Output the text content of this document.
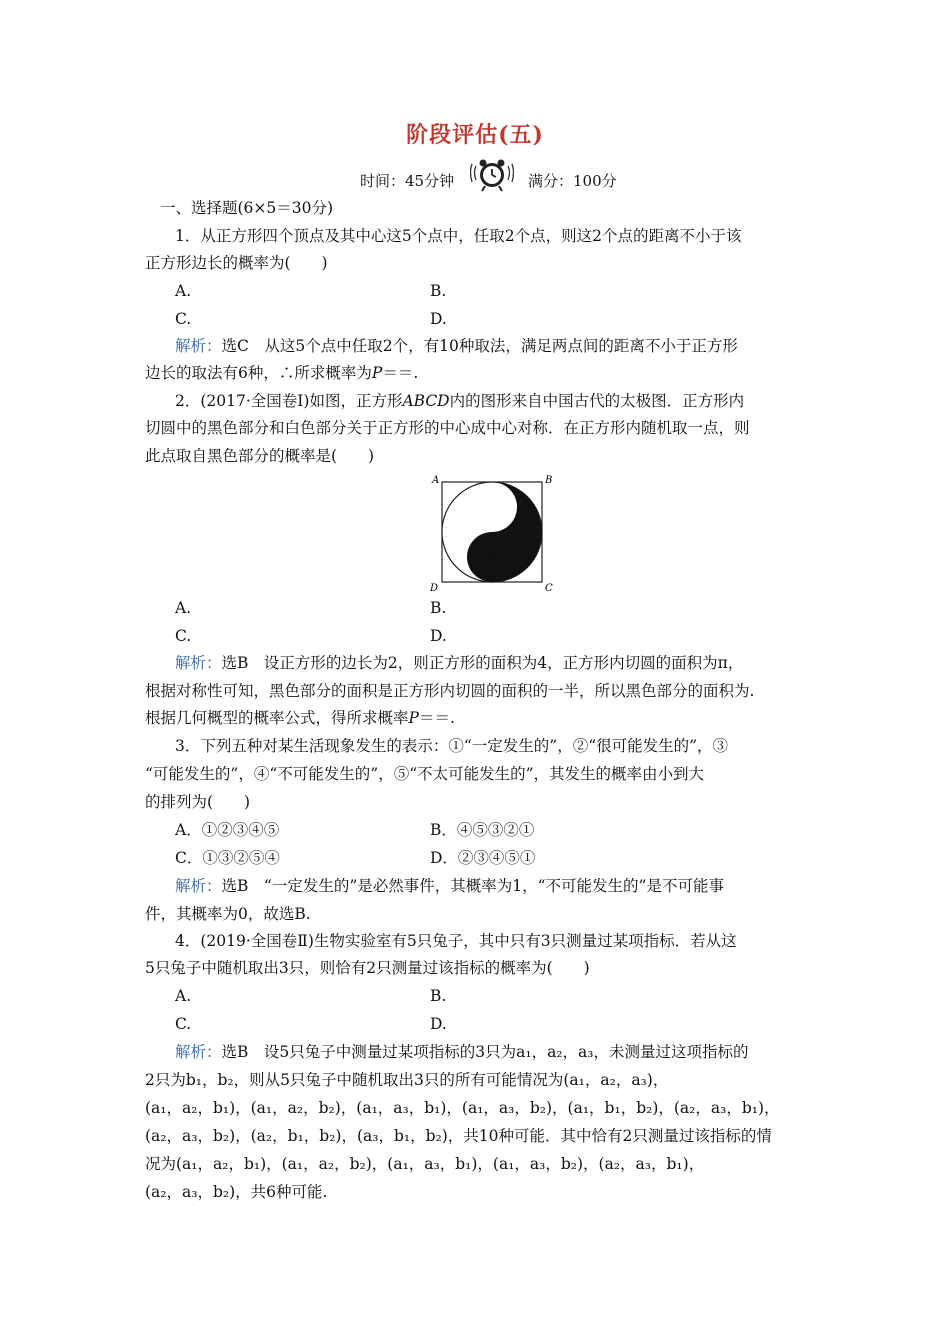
阶段评估(五)
时间：45分钟	满分：100分
一、选择题(6×5＝30分)
1．从正方形四个顶点及其中心这5个点中，任取2个点，则这2个点的距离不小于该
正方形边长的概率为(　　)
A.	B.
C.	D.
解析：选C　从这5个点中任取2个，有10种取法，满足两点间的距离不小于正方形
边长的取法有6种，∴所求概率为P＝＝.
2．(2017·全国卷Ⅰ)如图，正方形ABCD内的图形来自中国古代的太极图．正方形内
切圆中的黑色部分和白色部分关于正方形的中心成中心对称．在正方形内随机取一点，则
此点取自黑色部分的概率是(　　)
A	B
D	C
A.	B.
C.	D.
解析：选B　设正方形的边长为2，则正方形的面积为4，正方形内切圆的面积为π，
根据对称性可知，黑色部分的面积是正方形内切圆的面积的一半，所以黑色部分的面积为.
根据几何概型的概率公式，得所求概率P＝＝.
3．下列五种对某生活现象发生的表示：①“一定发生的”，②“很可能发生的”，③
“可能发生的”，④“不可能发生的”，⑤“不太可能发生的”，其发生的概率由小到大
的排列为(　　)
A．①②③④⑤	B．④⑤③②①
C．①③②⑤④	D．②③④⑤①
解析：选B　“一定发生的”是必然事件，其概率为1，“不可能发生的”是不可能事
件，其概率为0，故选B.
4．(2019·全国卷Ⅱ)生物实验室有5只兔子，其中只有3只测量过某项指标．若从这
5只兔子中随机取出3只，则恰有2只测量过该指标的概率为(　　)
A.	B.
C.	D.
解析：选B　设5只兔子中测量过某项指标的3只为a₁，a₂，a₃，未测量过这项指标的
2只为b₁，b₂，则从5只兔子中随机取出3只的所有可能情况为(a₁，a₂，a₃)，
(a₁，a₂，b₁)，(a₁，a₂，b₂)，(a₁，a₃，b₁)，(a₁，a₃，b₂)，(a₁，b₁，b₂)，(a₂，a₃，b₁)，
(a₂，a₃，b₂)，(a₂，b₁，b₂)，(a₃，b₁，b₂)，共10种可能．其中恰有2只测量过该指标的情
况为(a₁，a₂，b₁)，(a₁，a₂，b₂)，(a₁，a₃，b₁)，(a₁，a₃，b₂)，(a₂，a₃，b₁)，
(a₂，a₃，b₂)，共6种可能.
